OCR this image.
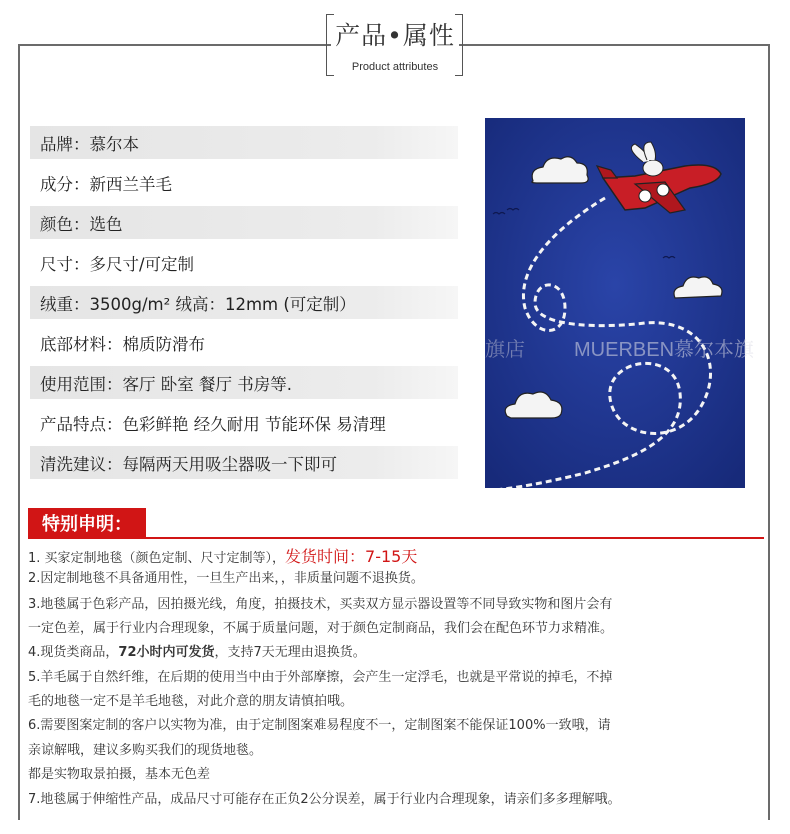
产品•属性
Product attributes
品牌：慕尔本
成分：新西兰羊毛
颜色：选色
尺寸：多尺寸/可定制
绒重：3500g/m² 绒高：12mm (可定制）
底部材料：棉质防滑布
使用范围：客厅 卧室 餐厅 书房等.
产品特点：色彩鲜艳 经久耐用 节能环保 易清理
清洗建议：每隔两天用吸尘器吸一下即可
旗店 MUERBEN慕尔本旗
特别申明：
1. 买家定制地毯（颜色定制、尺寸定制等），发货时间：7-15天
2.因定制地毯不具备通用性，一旦生产出来，，非质量问题不退换货。
3.地毯属于色彩产品，因拍摄光线，角度，拍摄技术，买卖双方显示器设置等不同导致实物和图片会有
一定色差，属于行业内合理现象，不属于质量问题，对于颜色定制商品，我们会在配色环节力求精准。
4.现货类商品，72小时内可发货，支持7天无理由退换货。
5.羊毛属于自然纤维，在后期的使用当中由于外部摩擦，会产生一定浮毛，也就是平常说的掉毛，不掉
毛的地毯一定不是羊毛地毯，对此介意的朋友请慎拍哦。
6.需要图案定制的客户以实物为准，由于定制图案难易程度不一，定制图案不能保证100%一致哦，请
亲谅解哦，建议多购买我们的现货地毯。
都是实物取景拍摄，基本无色差
7.地毯属于伸缩性产品，成品尺寸可能存在正负2公分误差，属于行业内合理现象，请亲们多多理解哦。
